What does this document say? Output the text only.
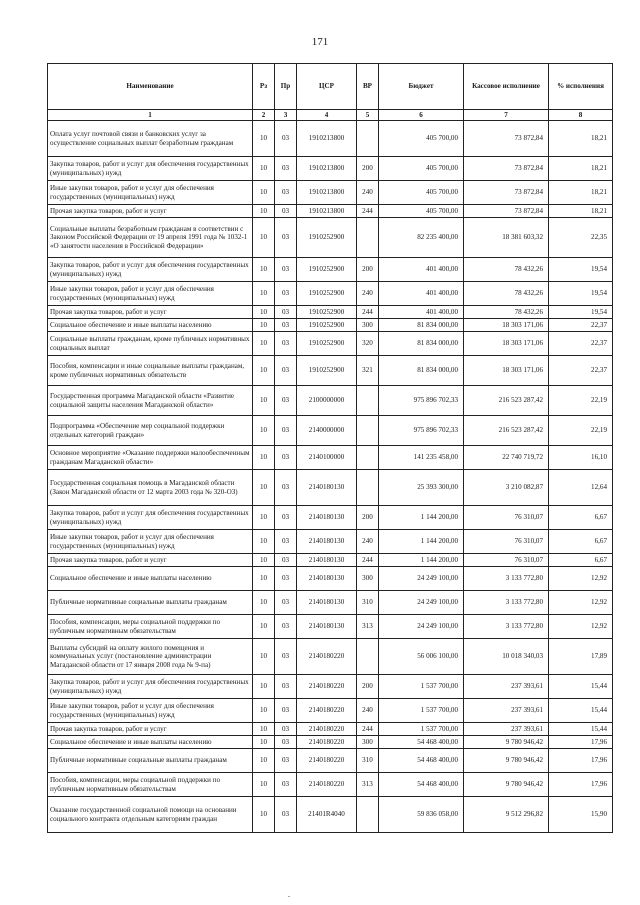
171
Наименование	Рз	Пр	ЦСР	ВР	Бюджет	Кассовое исполнение	% исполнения
1	2	3	4	5	6	7	8
Оплата услуг почтовой связи и банковских услуг за осуществление социальных выплат безработным гражданам	10	03	1910213800		405 700,00	73 872,84	18,21
Закупка товаров, работ и услуг для обеспечения государственных (муниципальных) нужд	10	03	1910213800	200	405 700,00	73 872,84	18,21
Иные закупки товаров, работ и услуг для обеспечения государственных (муниципальных) нужд	10	03	1910213800	240	405 700,00	73 872,84	18,21
Прочая закупка товаров, работ и услуг	10	03	1910213800	244	405 700,00	73 872,84	18,21
Социальные выплаты безработным гражданам в соответствии с Законом Российской Федерации от 19 апреля 1991 года № 1032-1 «О занятости населения в Российской Федерации»	10	03	1910252900		82 235 400,00	18 381 603,32	22,35
Закупка товаров, работ и услуг для обеспечения государственных (муниципальных) нужд	10	03	1910252900	200	401 400,00	78 432,26	19,54
Иные закупки товаров, работ и услуг для обеспечения государственных (муниципальных) нужд	10	03	1910252900	240	401 400,00	78 432,26	19,54
Прочая закупка товаров, работ и услуг	10	03	1910252900	244	401 400,00	78 432,26	19,54
Социальное обеспечение и иные выплаты населению	10	03	1910252900	300	81 834 000,00	18 303 171,06	22,37
Социальные выплаты гражданам, кроме публичных нормативных социальных выплат	10	03	1910252900	320	81 834 000,00	18 303 171,06	22,37
Пособия, компенсации и иные социальные выплаты гражданам, кроме публичных нормативных обязательств	10	03	1910252900	321	81 834 000,00	18 303 171,06	22,37
Государственная программа Магаданской области «Развитие социальной защиты населения Магаданской области»	10	03	2100000000		975 896 702,33	216 523 287,42	22,19
Подпрограмма «Обеспечение мер социальной поддержки отдельных категорий граждан»	10	03	2140000000		975 896 702,33	216 523 287,42	22,19
Основное мероприятие «Оказание поддержки малообеспеченным гражданам Магаданской области»	10	03	2140100000		141 235 458,00	22 740 719,72	16,10
Государственная социальная помощь в Магаданской области (Закон Магаданской области от 12 марта 2003 года № 320-ОЗ)	10	03	2140180130		25 393 300,00	3 210 082,87	12,64
Закупка товаров, работ и услуг для обеспечения государственных (муниципальных) нужд	10	03	2140180130	200	1 144 200,00	76 310,07	6,67
Иные закупки товаров, работ и услуг для обеспечения государственных (муниципальных) нужд	10	03	2140180130	240	1 144 200,00	76 310,07	6,67
Прочая закупка товаров, работ и услуг	10	03	2140180130	244	1 144 200,00	76 310,07	6,67
Социальное обеспечение и иные выплаты населению	10	03	2140180130	300	24 249 100,00	3 133 772,80	12,92
Публичные нормативные социальные выплаты гражданам	10	03	2140180130	310	24 249 100,00	3 133 772,80	12,92
Пособия, компенсации, меры социальной поддержки по публичным нормативным обязательствам	10	03	2140180130	313	24 249 100,00	3 133 772,80	12,92
Выплаты субсидий на оплату жилого помещения и коммунальных услуг (постановление администрации Магаданской области от 17 января 2008 года № 9-па)	10	03	2140180220		56 006 100,00	10 018 340,03	17,89
Закупка товаров, работ и услуг для обеспечения государственных (муниципальных) нужд	10	03	2140180220	200	1 537 700,00	237 393,61	15,44
Иные закупки товаров, работ и услуг для обеспечения государственных (муниципальных) нужд	10	03	2140180220	240	1 537 700,00	237 393,61	15,44
Прочая закупка товаров, работ и услуг	10	03	2140180220	244	1 537 700,00	237 393,61	15,44
Социальное обеспечение и иные выплаты населению	10	03	2140180220	300	54 468 400,00	9 780 946,42	17,96
Публичные нормативные социальные выплаты гражданам	10	03	2140180220	310	54 468 400,00	9 780 946,42	17,96
Пособия, компенсации, меры социальной поддержки по публичным нормативным обязательствам	10	03	2140180220	313	54 468 400,00	9 780 946,42	17,96
Оказание государственной социальной помощи на основании социального контракта отдельным категориям граждан	10	03	21401R4040		59 836 058,00	9 512 296,82	15,90
.
